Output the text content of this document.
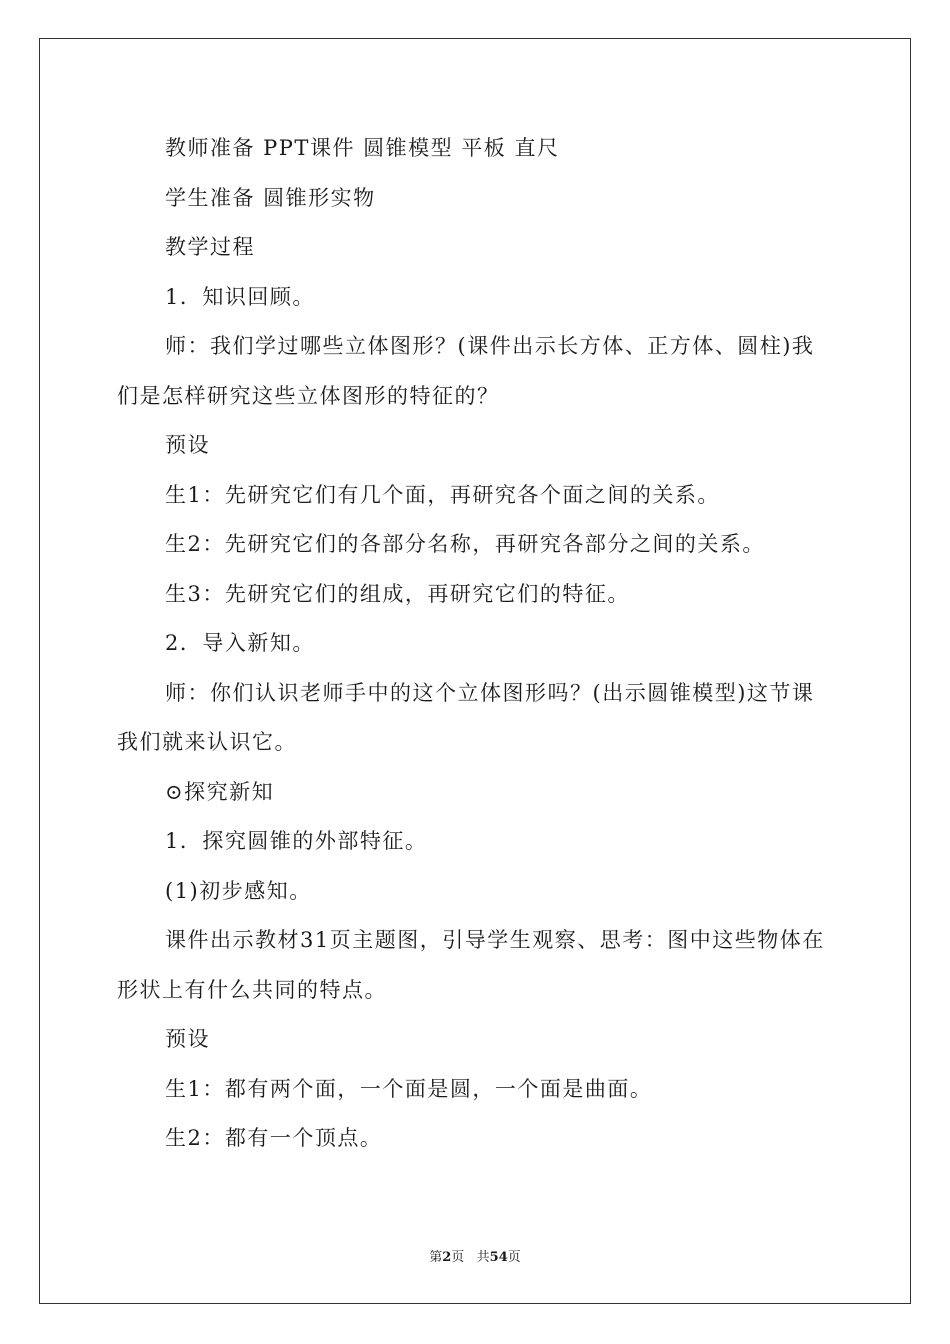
教师准备 PPT课件 圆锥模型 平板 直尺

学生准备 圆锥形实物

教学过程

1．知识回顾。

师：我们学过哪些立体图形？(课件出示长方体、正方体、圆柱)我们是怎样研究这些立体图形的特征的？

预设

生1：先研究它们有几个面，再研究各个面之间的关系。

生2：先研究它们的各部分名称，再研究各部分之间的关系。

生3：先研究它们的组成，再研究它们的特征。

2．导入新知。

师：你们认识老师手中的这个立体图形吗？(出示圆锥模型)这节课我们就来认识它。

⊙探究新知

1．探究圆锥的外部特征。

(1)初步感知。

课件出示教材31页主题图，引导学生观察、思考：图中这些物体在形状上有什么共同的特点。

预设

生1：都有两个面，一个面是圆，一个面是曲面。

生2：都有一个顶点。

第2页   共54页
